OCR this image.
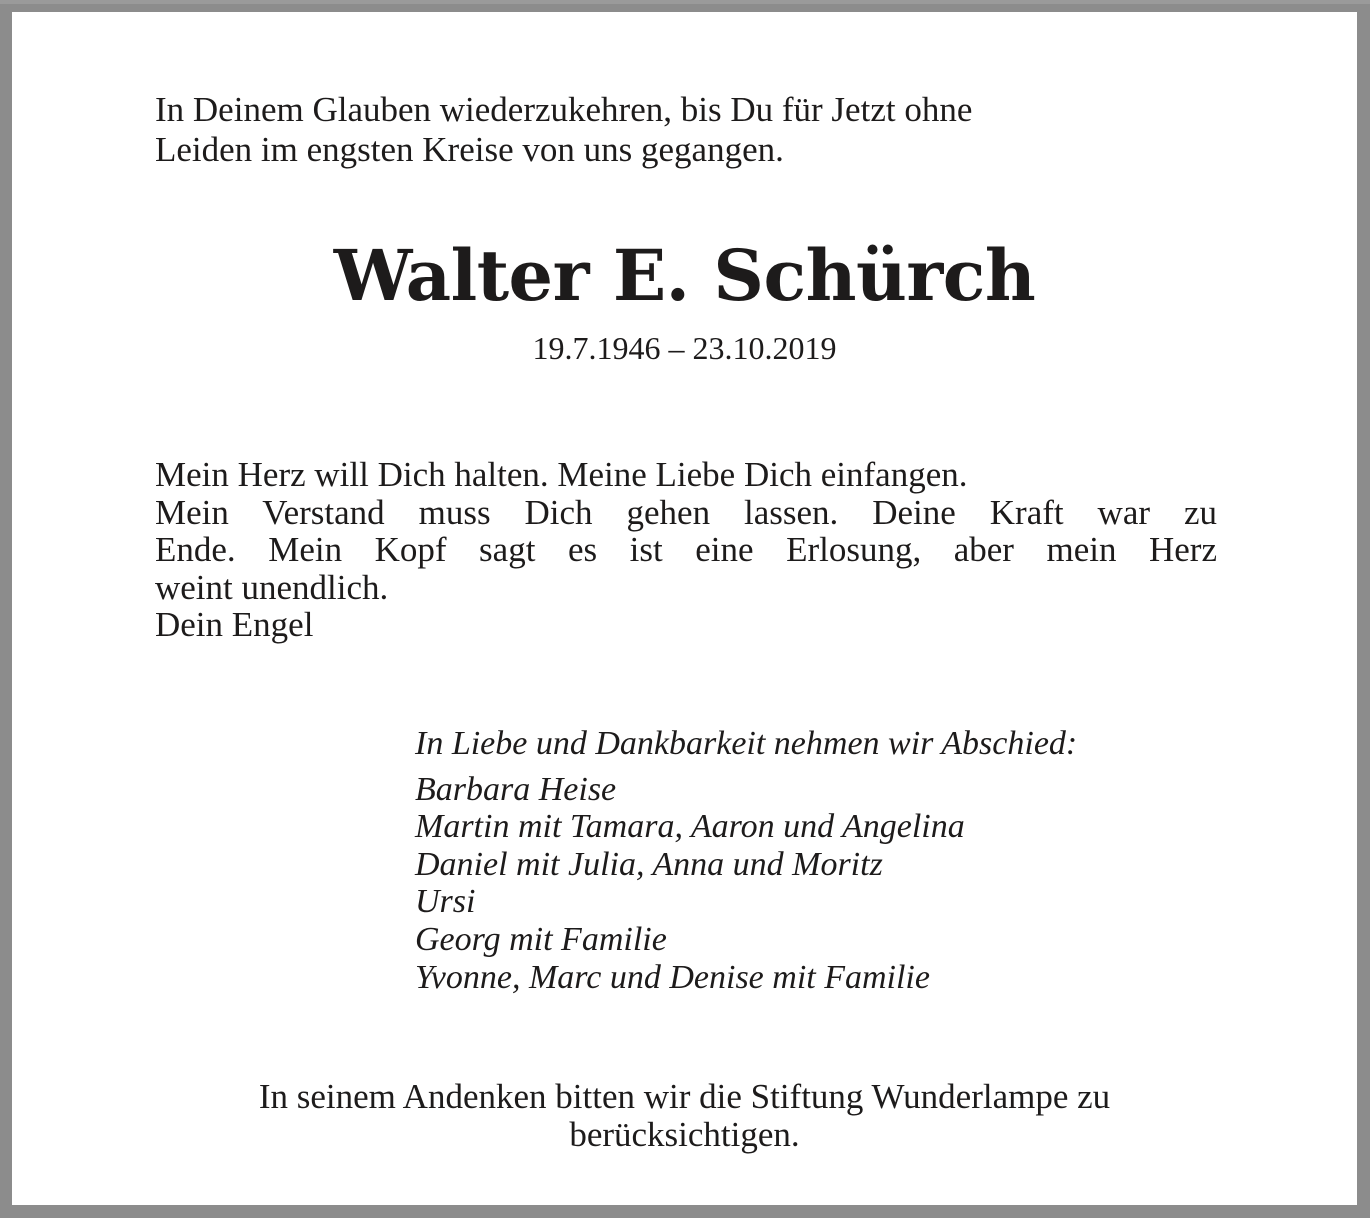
In Deinem Glauben wiederzukehren, bis Du für Jetzt ohne
Leiden im engsten Kreise von uns gegangen.
Walter E. Schürch
19.7.1946 – 23.10.2019
Mein Herz will Dich halten. Meine Liebe Dich einfangen.
Mein Verstand muss Dich gehen lassen. Deine Kraft war zu
Ende. Mein Kopf sagt es ist eine Erlosung, aber mein Herz
weint unendlich.
Dein Engel
In Liebe und Dankbarkeit nehmen wir Abschied:
Barbara Heise
Martin mit Tamara, Aaron und Angelina
Daniel mit Julia, Anna und Moritz
Ursi
Georg mit Familie
Yvonne, Marc und Denise mit Familie
In seinem Andenken bitten wir die Stiftung Wunderlampe zu
berücksichtigen.
